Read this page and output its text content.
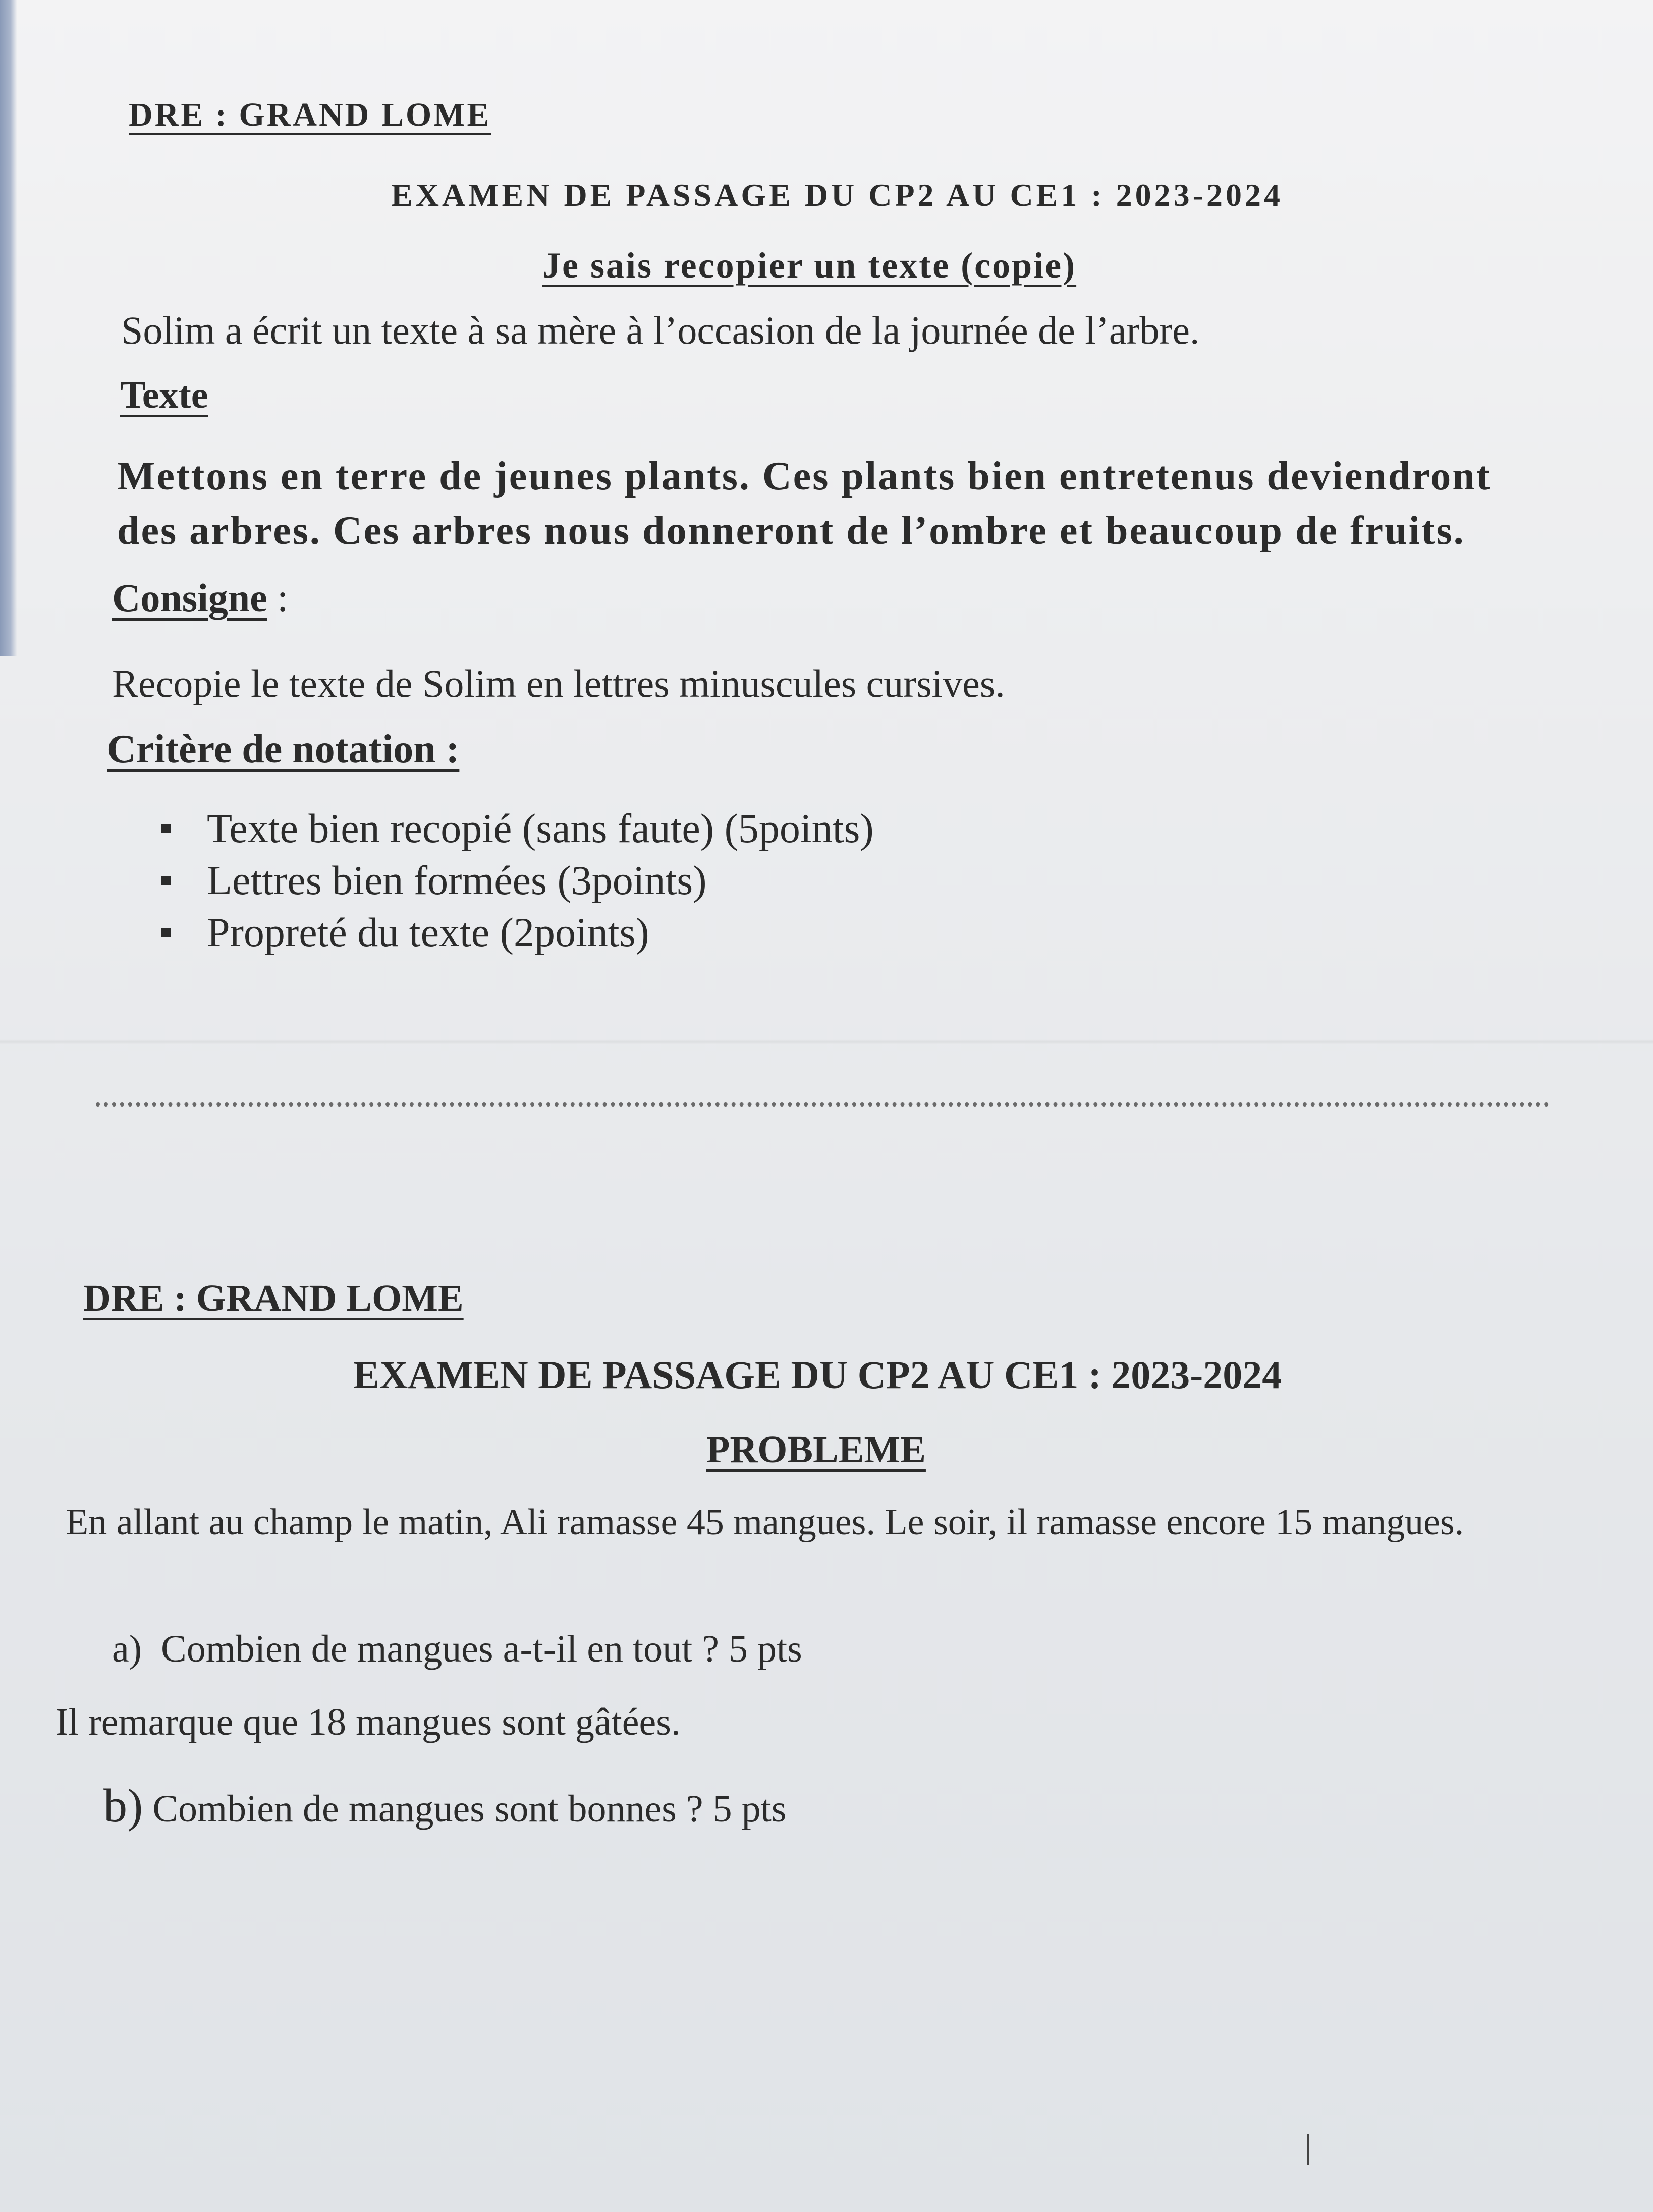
DRE : GRAND LOME

EXAMEN DE PASSAGE DU CP2 AU CE1 : 2023-2024

Je sais recopier un texte (copie)

Solim a écrit un texte à sa mère à l’occasion de la journée de l’arbre.

Texte

Mettons en terre de jeunes plants. Ces plants bien entretenus deviendront des arbres. Ces arbres nous donneront de l’ombre et beaucoup de fruits.

Consigne :

Recopie le texte de Solim en lettres minuscules cursives.

Critère de notation :

Texte bien recopié (sans faute) (5points)
Lettres bien formées (3points)
Propreté du texte (2points)

DRE : GRAND LOME

EXAMEN DE PASSAGE DU CP2 AU CE1 : 2023-2024

PROBLEME

En allant au champ le matin, Ali ramasse 45 mangues. Le soir, il ramasse encore 15 mangues.

a) Combien de mangues a-t-il en tout ? 5 pts

Il remarque que 18 mangues sont gâtées.

b) Combien de mangues sont bonnes ? 5 pts
